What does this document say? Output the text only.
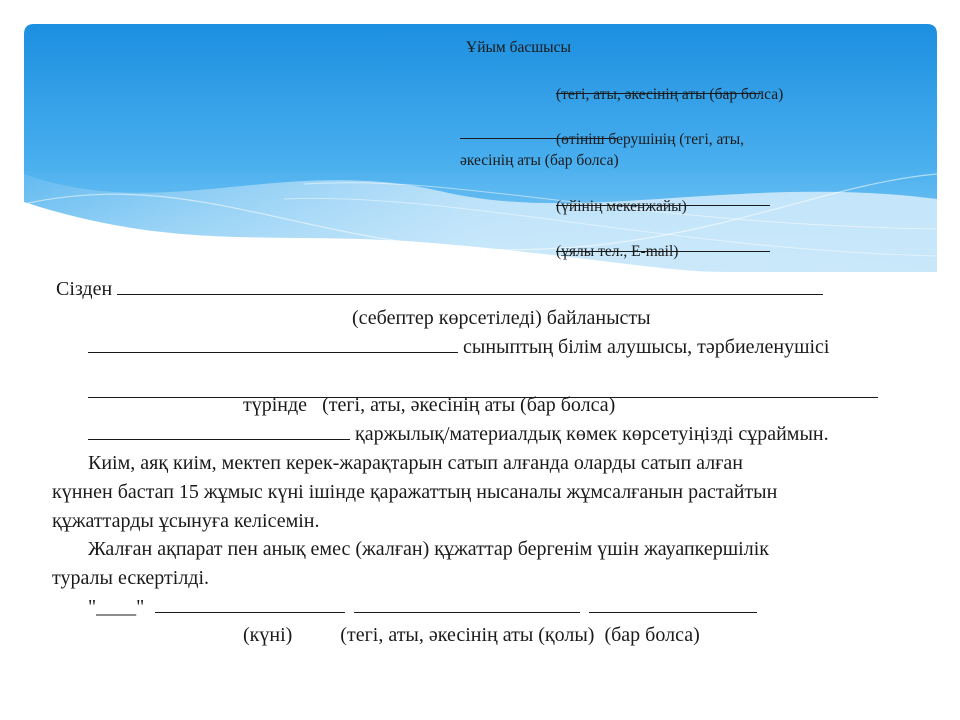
Ұйым басшысы
(тегі, аты, әкесінің аты (бар болса)
(өтініш берушінің (тегі, аты,
әкесінің аты (бар болса)
(үйінің мекенжайы)
(ұялы тел., E-mail)
Сізден
(себептер көрсетіледі) байланысты
сыныптың білім алушысы, тәрбиеленушісі
түрінде (тегі, аты, әкесінің аты (бар болса)
қаржылық/материалдық көмек көрсетуіңізді сұраймын.
Киім, аяқ киім, мектеп керек-жарақтарын сатып алғанда оларды сатып алған
күннен бастап 15 жұмыс күні ішінде қаражаттың нысаналы жұмсалғанын растайтын
құжаттарды ұсынуға келісемін.
Жалған ақпарат пен анық емес (жалған) құжаттар бергенім үшін жауапкершілік
туралы ескертілді.
"____"
(күні) (тегі, аты, әкесінің аты (қолы)  (бар болса)
